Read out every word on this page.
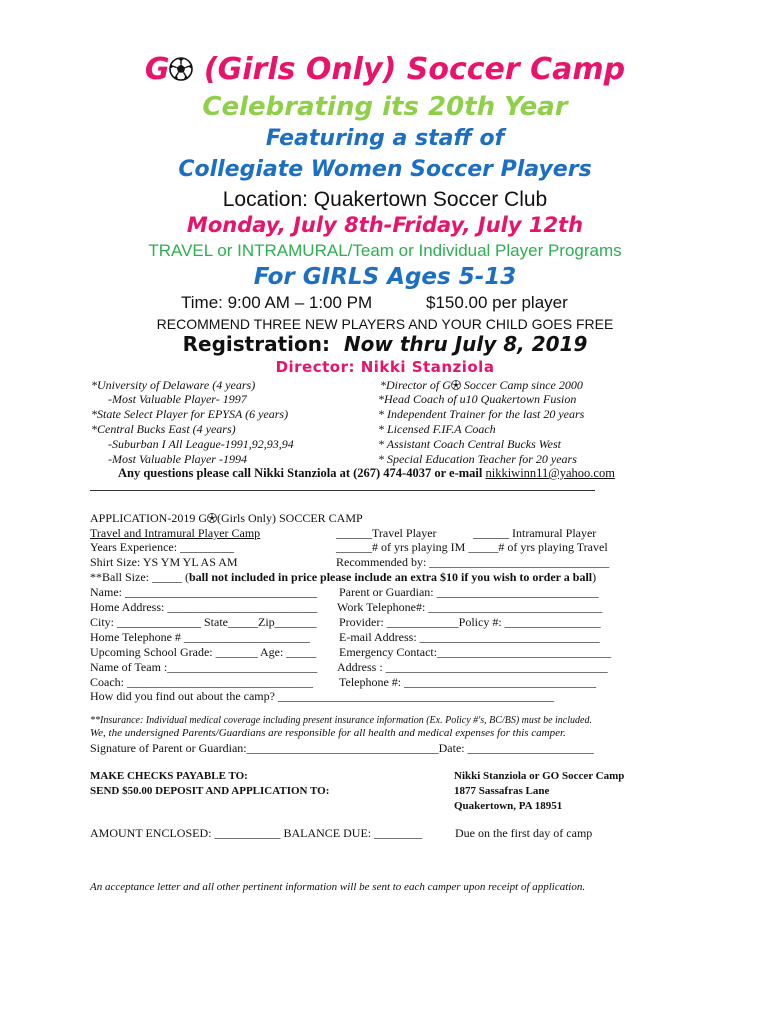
G (Girls Only) Soccer Camp
Celebrating its 20th Year
Featuring a staff of
Collegiate Women Soccer Players
Location: Quakertown Soccer Club
Monday, July 8th-Friday, July 12th
TRAVEL or INTRAMURAL/Team or Individual Player Programs
For GIRLS Ages 5-13
Time: 9:00 AM – 1:00 PM	$150.00 per player
RECOMMEND THREE NEW PLAYERS AND YOUR CHILD GOES FREE
Registration: Now thru July 8, 2019
Director: Nikki Stanziola
*University of Delaware (4 years)
-Most Valuable Player- 1997
*State Select Player for EPYSA (6 years)
*Central Bucks East (4 years)
-Suburban I All League-1991,92,93,94
-Most Valuable Player -1994
*Director of G Soccer Camp since 2000
*Head Coach of u10 Quakertown Fusion
* Independent Trainer for the last 20 years
* Licensed F.IF.A Coach
* Assistant Coach Central Bucks West
* Special Education Teacher for 20 years
Any questions please call Nikki Stanziola at (267) 474-4037 or e-mail nikkiwinn11@yahoo.com
APPLICATION-2019 G (Girls Only) SOCCER CAMP
Travel and Intramural Player Camp	______Travel Player	______ Intramural Player
Years Experience: _________	______# of yrs playing IM _____# of yrs playing Travel
Shirt Size: YS YM YL AS AM	Recommended by: ______________________________
**Ball Size: _____ (ball not included in price please include an extra $10 if you wish to order a ball)
Name: ________________________________ Parent or Guardian: ___________________________
Home Address: _________________________ Work Telephone#: _____________________________
City: ______________ State_____Zip_______ Provider: ____________Policy #: ________________
Home Telephone # _____________________ E-mail Address: ______________________________
Upcoming School Grade: _______ Age: _____ Emergency Contact:_____________________________
Name of Team :_________________________ Address : _____________________________________
Coach: _______________________________ Telephone #: ________________________________
How did you find out about the camp? ______________________________________________
**Insurance: Individual medical coverage including present insurance information (Ex. Policy #'s, BC/BS) must be included.
We, the undersigned Parents/Guardians are responsible for all health and medical expenses for this camper.
Signature of Parent or Guardian:________________________________Date: _____________________
MAKE CHECKS PAYABLE TO:
SEND $50.00 DEPOSIT AND APPLICATION TO:
Nikki Stanziola or GO Soccer Camp
1877 Sassafras Lane
Quakertown, PA 18951
AMOUNT ENCLOSED: ___________ BALANCE DUE: ________	Due on the first day of camp
An acceptance letter and all other pertinent information will be sent to each camper upon receipt of application.
